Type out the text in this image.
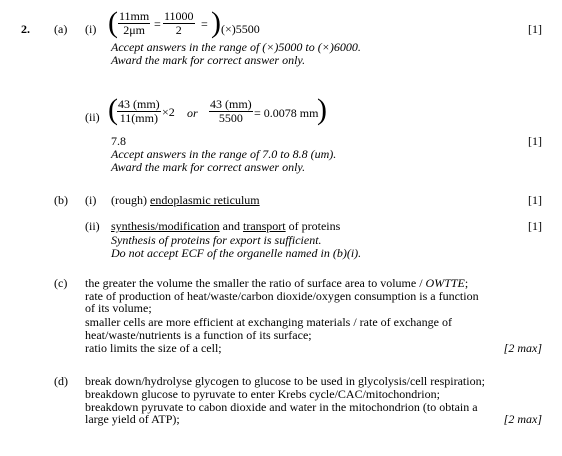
2. (a) (i) ( $\frac{11mm}{2\mu m} = \frac{11000}{2}$ = ) (×)5500
Accept answers in the range of (×)5000 to (×)6000.
Award the mark for correct answer only.
[1]
(ii) ( $\frac{43 (mm)}{11(mm)} \times 2$ or $\frac{43 (mm)}{5500} = 0.0078$ mm
)
7.8
Accept answers in the range of 7.0 to 8.8 (um).
Award the mark for correct answer only.
[1]
(b) (i) (rough) endoplasmic reticulum	[1]
(ii) synthesis/modification and transport of proteins
Synthesis of proteins for export is sufficient.
Do not accept ECF of the organelle named in (b)(i).
[1]
(c) the greater the volume the smaller the ratio of surface area to volume / OWTTE;
rate of production of heat/waste/carbon dioxide/oxygen consumption is a function
of its volume;
smaller cells are more efficient at exchanging materials / rate of exchange of
heat/waste/nutrients is a function of its surface;
ratio limits the size of a cell;	[2 max]
(d) break down/hydrolyse glycogen to glucose to be used in glycolysis/cell respiration;
breakdown glucose to pyruvate to enter Krebs cycle/CAC/mitochondrion;
breakdown pyruvate to cabon dioxide and water in the mitochondrion (to obtain a
large yield of ATP);	[2 max]
